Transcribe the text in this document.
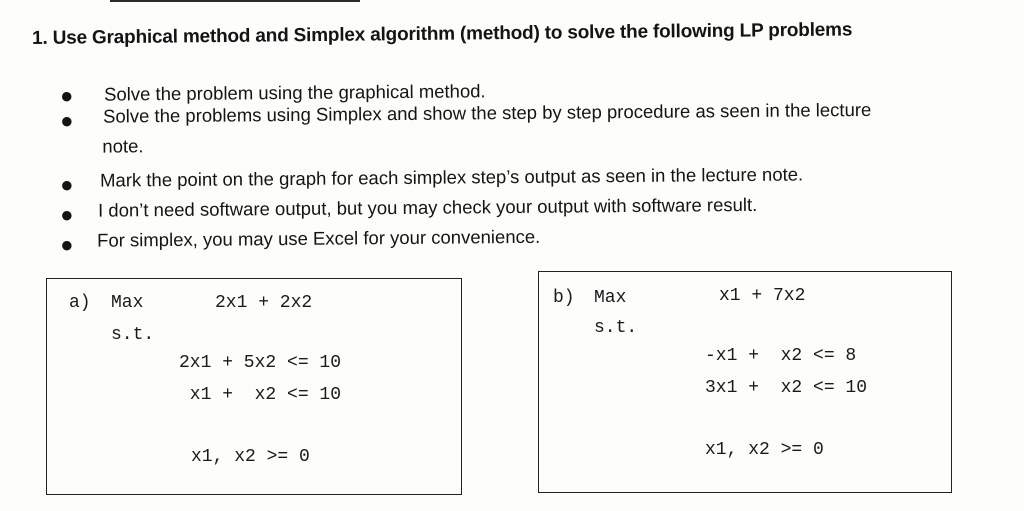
1. Use Graphical method and Simplex algorithm (method) to solve the following LP problems
● Solve the problem using the graphical method.
● Solve the problems using Simplex and show the step by step procedure as seen in the lecture
note.
● Mark the point on the graph for each simplex step’s output as seen in the lecture note.
● I don’t need software output, but you may check your output with software result.
● For simplex, you may use Excel for your convenience.
a) Max	2x1 + 2x2
s.t.
2x1 + 5x2 <= 10
x1 +  x2 <= 10
x1, x2 >= 0
b) Max	x1 + 7x2
s.t.
-x1 +  x2 <= 8
3x1 +  x2 <= 10
x1, x2 >= 0
